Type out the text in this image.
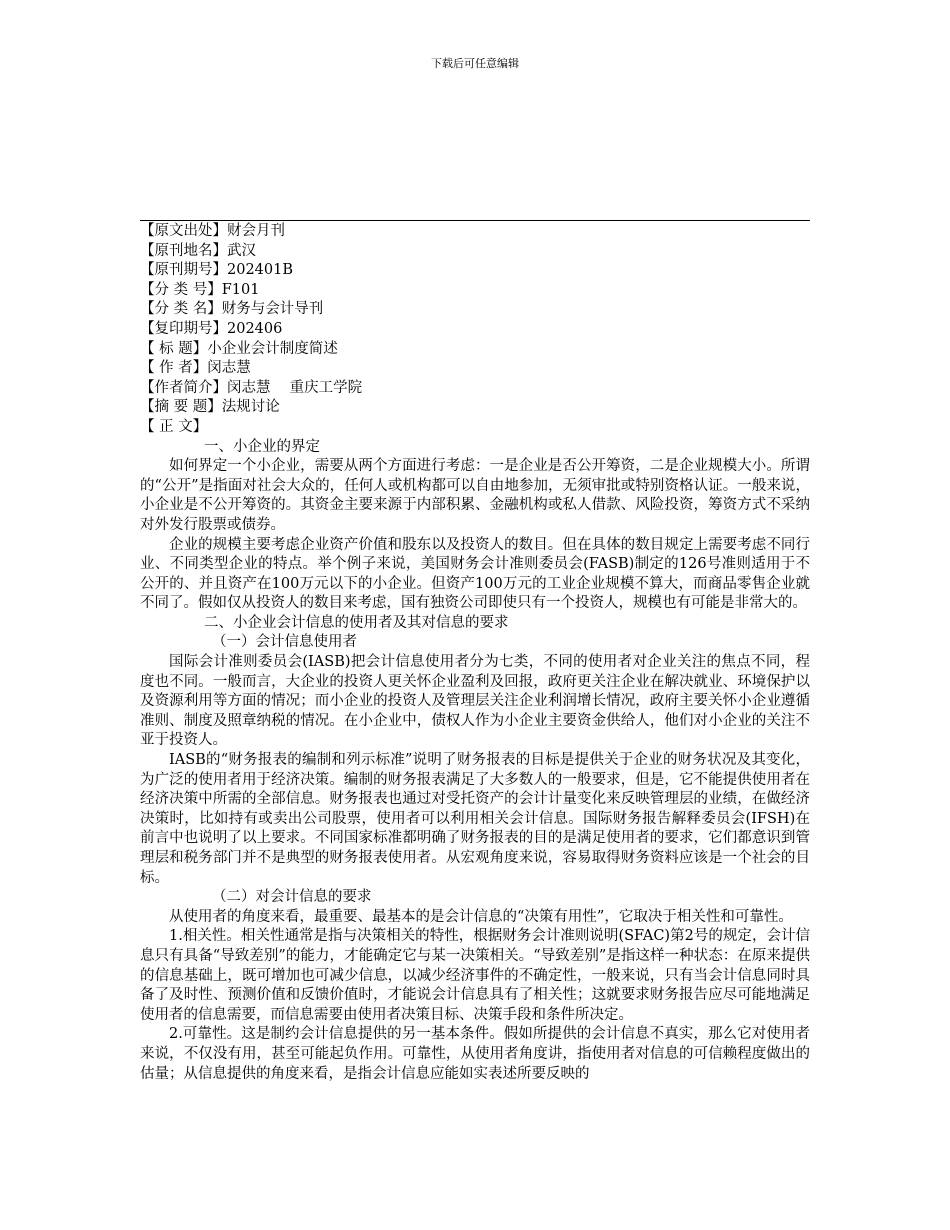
下载后可任意编辑
【原文出处】财会月刊
【原刊地名】武汉
【原刊期号】202401B
【分 类 号】F101
【分 类 名】财务与会计导刊
【复印期号】202406
【 标 题】小企业会计制度简述
【 作 者】闵志慧
【作者简介】闵志慧　 重庆工学院
【摘 要 题】法规讨论
【 正 文】
一、小企业的界定

如何界定一个小企业，需要从两个方面进行考虑：一是企业是否公开筹资，二是企业规模大小。所谓的“公开”是指面对社会大众的，任何人或机构都可以自由地参加，无须审批或特别资格认证。一般来说，小企业是不公开筹资的。其资金主要来源于内部积累、金融机构或私人借款、风险投资，筹资方式不采纳对外发行股票或债券。

企业的规模主要考虑企业资产价值和股东以及投资人的数目。但在具体的数目规定上需要考虑不同行业、不同类型企业的特点。举个例子来说，美国财务会计准则委员会(FASB)制定的126号准则适用于不公开的、并且资产在100万元以下的小企业。但资产100万元的工业企业规模不算大，而商品零售企业就不同了。假如仅从投资人的数目来考虑，国有独资公司即使只有一个投资人，规模也有可能是非常大的。

二、小企业会计信息的使用者及其对信息的要求
（一）会计信息使用者

国际会计准则委员会(IASB)把会计信息使用者分为七类，不同的使用者对企业关注的焦点不同，程度也不同。一般而言，大企业的投资人更关怀企业盈利及回报，政府更关注企业在解决就业、环境保护以及资源利用等方面的情况；而小企业的投资人及管理层关注企业利润增长情况，政府主要关怀小企业遵循准则、制度及照章纳税的情况。在小企业中，债权人作为小企业主要资金供给人，他们对小企业的关注不亚于投资人。

IASB的“财务报表的编制和列示标准”说明了财务报表的目标是提供关于企业的财务状况及其变化，为广泛的使用者用于经济决策。编制的财务报表满足了大多数人的一般要求，但是，它不能提供使用者在经济决策中所需的全部信息。财务报表也通过对受托资产的会计计量变化来反映管理层的业绩，在做经济决策时，比如持有或卖出公司股票，使用者可以利用相关会计信息。国际财务报告解释委员会(IFSH)在前言中也说明了以上要求。不同国家标准都明确了财务报表的目的是满足使用者的要求，它们都意识到管理层和税务部门并不是典型的财务报表使用者。从宏观角度来说，容易取得财务资料应该是一个社会的目标。

（二）对会计信息的要求

从使用者的角度来看，最重要、最基本的是会计信息的“决策有用性”，它取决于相关性和可靠性。

1.相关性。相关性通常是指与决策相关的特性，根据财务会计准则说明(SFAC)第2号的规定，会计信息只有具备“导致差别”的能力，才能确定它与某一决策相关。“导致差别”是指这样一种状态：在原来提供的信息基础上，既可增加也可减少信息，以减少经济事件的不确定性，一般来说，只有当会计信息同时具备了及时性、预测价值和反馈价值时，才能说会计信息具有了相关性；这就要求财务报告应尽可能地满足使用者的信息需要，而信息需要由使用者决策目标、决策手段和条件所决定。

2.可靠性。这是制约会计信息提供的另一基本条件。假如所提供的会计信息不真实，那么它对使用者来说，不仅没有用，甚至可能起负作用。可靠性，从使用者角度讲，指使用者对信息的可信赖程度做出的估量；从信息提供的角度来看，是指会计信息应能如实表述所要反映的
